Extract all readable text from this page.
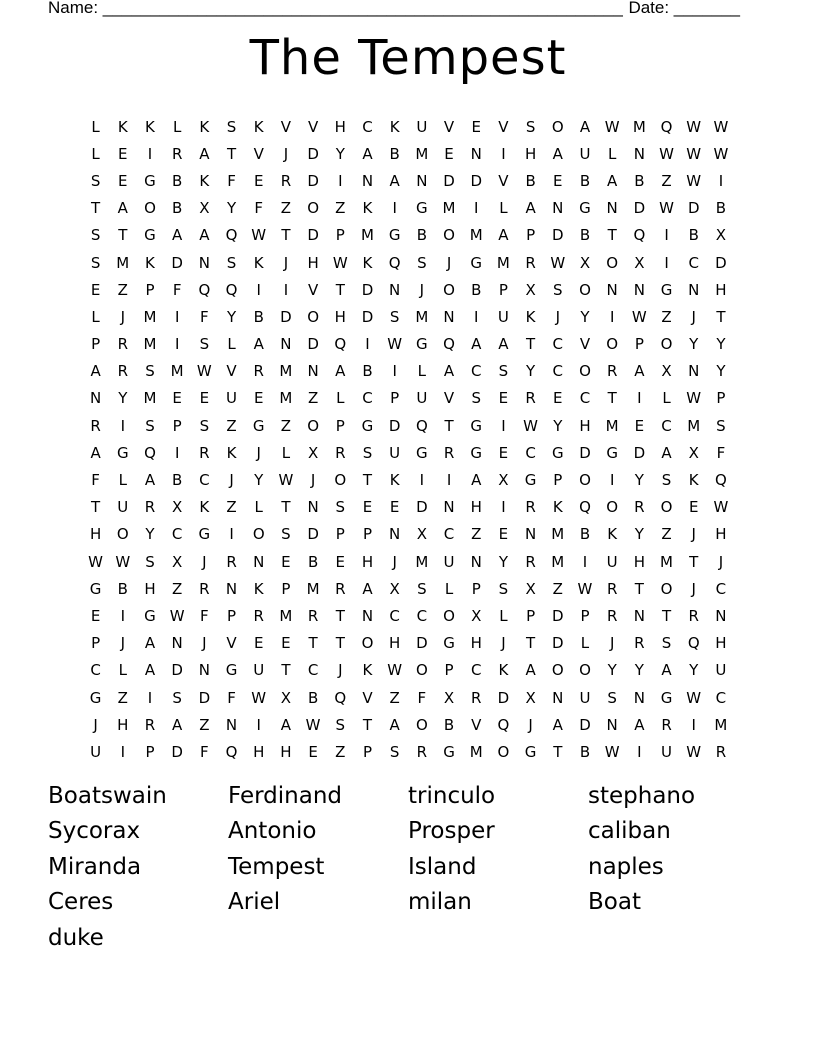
Name: _______________________________________________________ Date: _______
The Tempest
L	K	K	L	K	S	K	V	V	H	C	K	U	V	E	V	S	O	A W M Q W W
L	E	I	R	A	T	V	J	D	Y	A	B	M	E	N	I	H	A	U	L	N W W W
S	E	G	B	K	F	E	R	D	I	N	A	N	D	D	V	B	E	B	A	B	Z W	I
T	A	O	B	X	Y	F	Z	O	Z	K	I	G M	I	L	A	N	G	N	D W D	B
S	T	G	A	A	Q W	T	D	P	M G	B	O M	A	P	D	B	T	Q	I	B	X
S	M	K	D	N	S	K	J	H W K	Q	S	J	G M	R W X	O	X	I	C	D
E	Z	P	F	Q	Q	I	I	V	T	D	N	J	O	B	P	X	S	O	N	N	G	N	H
L	J	M	I	F	Y	B	D	O	H	D	S	M	N	I	U	K	J	Y	I	W Z	J	T
P	R	M	I	S	L	A	N	D	Q	I	W G	Q	A	A	T	C	V	O	P	O	Y	Y
A	R	S	M W V	R	M	N	A	B	I	L	A	C	S	Y	C	O	R	A	X	N	Y
N	Y	M	E	E	U	E	M	Z	L	C	P	U	V	S	E	R	E	C	T	I	L	W	P
R	I	S	P	S	Z	G	Z	O	P	G	D	Q	T	G	I	W	Y	H	M	E	C	M	S
A	G	Q	I	R	K	J	L	X	R	S	U	G	R	G	E	C	G	D	G	D	A	X	F
F	L	A	B	C	J	Y	W	J	O	T	K	I	I	A	X	G	P	O	I	Y	S	K	Q
T	U	R	X	K	Z	L	T	N	S	E	E	D	N	H	I	R	K	Q	O	R	O	E	W
H	O	Y	C	G	I	O	S	D	P	P	N	X	C	Z	E	N	M	B	K	Y	Z	J	H
W W	S	X	J	R	N	E	B	E	H	J	M	U	N	Y	R	M	I	U	H	M	T	J
G	B	H	Z	R	N	K	P	M	R	A	X	S	L	P	S	X	Z W R	T	O	J	C
E	I	G W	F	P	R	M	R	T	N	C	C	O	X	L	P	D	P	R	N	T	R	N
P	J	A	N	J	V	E	E	T	T	O	H	D	G	H	J	T	D	L	J	R	S	Q	H
C	L	A	D	N	G	U	T	C	J	K W O	P	C	K	A	O	O	Y	Y	A	Y	U
G	Z	I	S	D	F	W X	B	Q	V	Z	F	X	R	D	X	N	U	S	N	G W C
J	H	R	A	Z	N	I	A W	S	T	A	O	B	V	Q	J	A	D	N	A	R	I	M
U	I	P	D	F	Q	H	H	E	Z	P	S	R	G M O	G	T	B W	I	U W R
Boatswain	Ferdinand	trinculo	stephano
Sycorax	Antonio	Prosper	caliban
Miranda	Tempest	Island	naples
Ceres	Ariel	milan	Boat
duke
